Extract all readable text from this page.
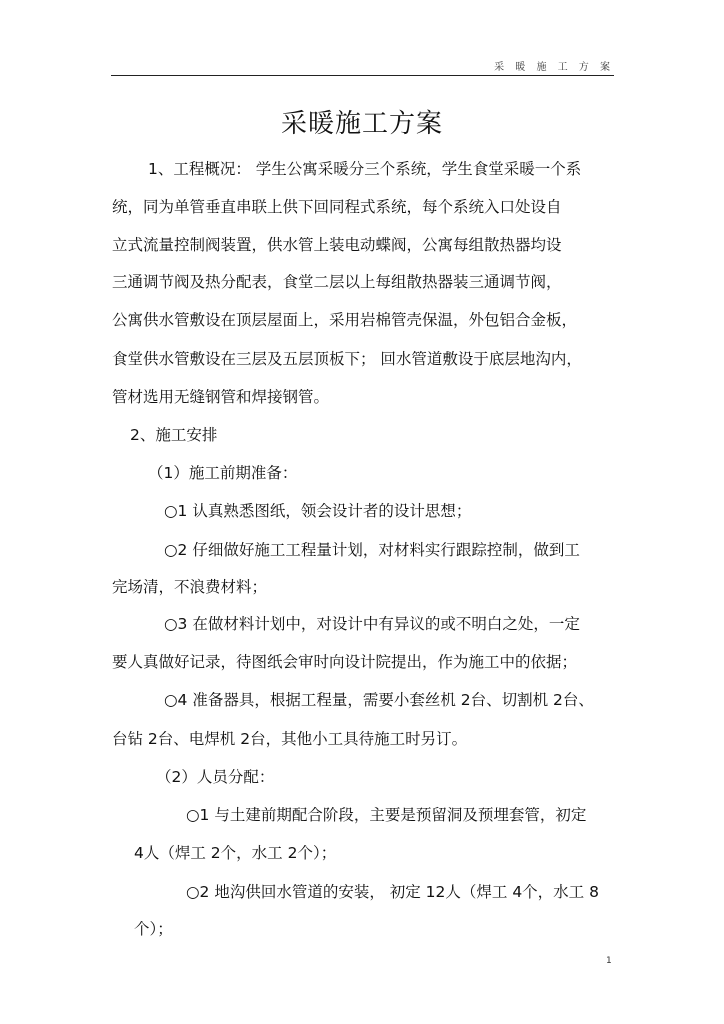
采 暖 施 工 方 案
采暖施工方案
1、工程概况： 学生公寓采暖分三个系统，学生食堂采暖一个系
统，同为单管垂直串联上供下回同程式系统，每个系统入口处设自
立式流量控制阀装置，供水管上装电动蝶阀，公寓每组散热器均设
三通调节阀及热分配表，食堂二层以上每组散热器装三通调节阀，
公寓供水管敷设在顶层屋面上，采用岩棉管壳保温，外包铝合金板，
食堂供水管敷设在三层及五层顶板下； 回水管道敷设于底层地沟内，
管材选用无缝钢管和焊接钢管。
2、施工安排
（1）施工前期准备：
○1 认真熟悉图纸，领会设计者的设计思想；
○2 仔细做好施工工程量计划，对材料实行跟踪控制，做到工
完场清，不浪费材料；
○3 在做材料计划中，对设计中有异议的或不明白之处，一定
要人真做好记录，待图纸会审时向设计院提出，作为施工中的依据；
○4 准备器具，根据工程量，需要小套丝机 2台、切割机 2台、
台钻 2台、电焊机 2台，其他小工具待施工时另订。
（2）人员分配：
○1 与土建前期配合阶段，主要是预留洞及预埋套管，初定
4人（焊工 2个，水工 2个）；
○2 地沟供回水管道的安装， 初定 12人（焊工 4个，水工 8
个）；
1
